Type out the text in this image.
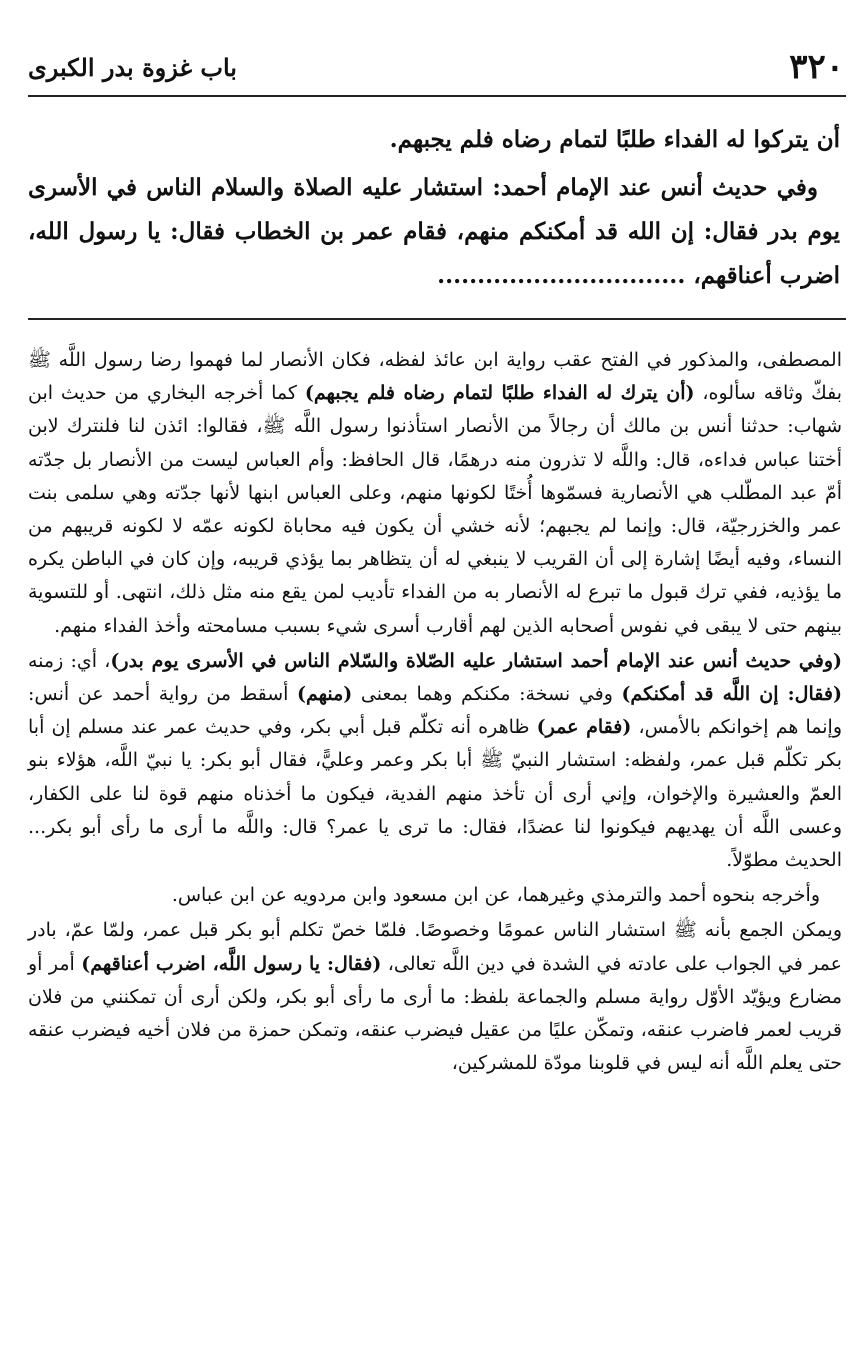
٣٢٠
باب غزوة بدر الكبرى

أن يتركوا له الفداء طلبًا لتمام رضاه فلم يجبهم.

وفي حديث أنس عند الإمام أحمد: استشار عليه الصلاة والسلام الناس في الأسرى يوم بدر فقال: إن الله قد أمكنكم منهم، فقام عمر بن الخطاب فقال: يا رسول الله، اضرب أعناقهم، ...............................

المصطفى، والمذكور في الفتح عقب رواية ابن عائذ لفظه، فكان الأنصار لما فهموا رضا رسول اللَّه ﷺ بفكّ وثاقه سألوه، (أن يترك له الفداء طلبًا لتمام رضاه فلم يجبهم) كما أخرجه البخاري من حديث ابن شهاب: حدثنا أنس بن مالك أن رجالاً من الأنصار استأذنوا رسول اللَّه ﷺ، فقالوا: ائذن لنا فلنترك لابن أختنا عباس فداءه، قال: واللَّه لا تذرون منه درهمًا، قال الحافظ: وأم العباس ليست من الأنصار بل جدّته أمّ عبد المطّلب هي الأنصارية فسمّوها أُختًا لكونها منهم، وعلى العباس ابنها لأنها جدّته وهي سلمى بنت عمر والخزرجيّة، قال: وإنما لم يجبهم؛ لأنه خشي أن يكون فيه محاباة لكونه عمّه لا لكونه قريبهم من النساء، وفيه أيضًا إشارة إلى أن القريب لا ينبغي له أن يتظاهر بما يؤذي قريبه، وإن كان في الباطن يكره ما يؤذيه، ففي ترك قبول ما تبرع له الأنصار به من الفداء تأديب لمن يقع منه مثل ذلك، انتهى. أو للتسوية بينهم حتى لا يبقى في نفوس أصحابه الذين لهم أقارب أسرى شيء بسبب مسامحته وأخذ الفداء منهم.

(وفي حديث أنس عند الإمام أحمد استشار عليه الصّلاة والسّلام الناس في الأسرى يوم بدر)، أي: زمنه (فقال: إن اللَّه قد أمكنكم) وفي نسخة: مكنكم وهما بمعنى (منهم) أسقط من رواية أحمد عن أنس: وإنما هم إخوانكم بالأمس، (فقام عمر) ظاهره أنه تكلّم قبل أبي بكر، وفي حديث عمر عند مسلم إن أبا بكر تكلّم قبل عمر، ولفظه: استشار النبيّ ﷺ أبا بكر وعمر وعليًّ، فقال أبو بكر: يا نبيّ اللَّه، هؤلاء بنو العمّ والعشيرة والإخوان، وإني أرى أن تأخذ منهم الفدية، فيكون ما أخذناه منهم قوة لنا على الكفار، وعسى اللَّه أن يهديهم فيكونوا لنا عضدًا، فقال: ما ترى يا عمر؟ قال: واللَّه ما أرى ما رأى أبو بكر... الحديث مطوّلاً.

وأخرجه بنحوه أحمد والترمذي وغيرهما، عن ابن مسعود وابن مردويه عن ابن عباس.

ويمكن الجمع بأنه ﷺ استشار الناس عمومًا وخصوصًا. فلمّا خصّ تكلم أبو بكر قبل عمر، ولمّا عمّ، بادر عمر في الجواب على عادته في الشدة في دين اللَّه تعالى، (فقال: يا رسول اللَّه، اضرب أعناقهم) أمر أو مضارع ويؤيّد الأوّل رواية مسلم والجماعة بلفظ: ما أرى ما رأى أبو بكر، ولكن أرى أن تمكنني من فلان قريب لعمر فاضرب عنقه، وتمكّن عليًا من عقيل فيضرب عنقه، وتمكن حمزة من فلان أخيه فيضرب عنقه حتى يعلم اللَّه أنه ليس في قلوبنا مودّة للمشركين،
